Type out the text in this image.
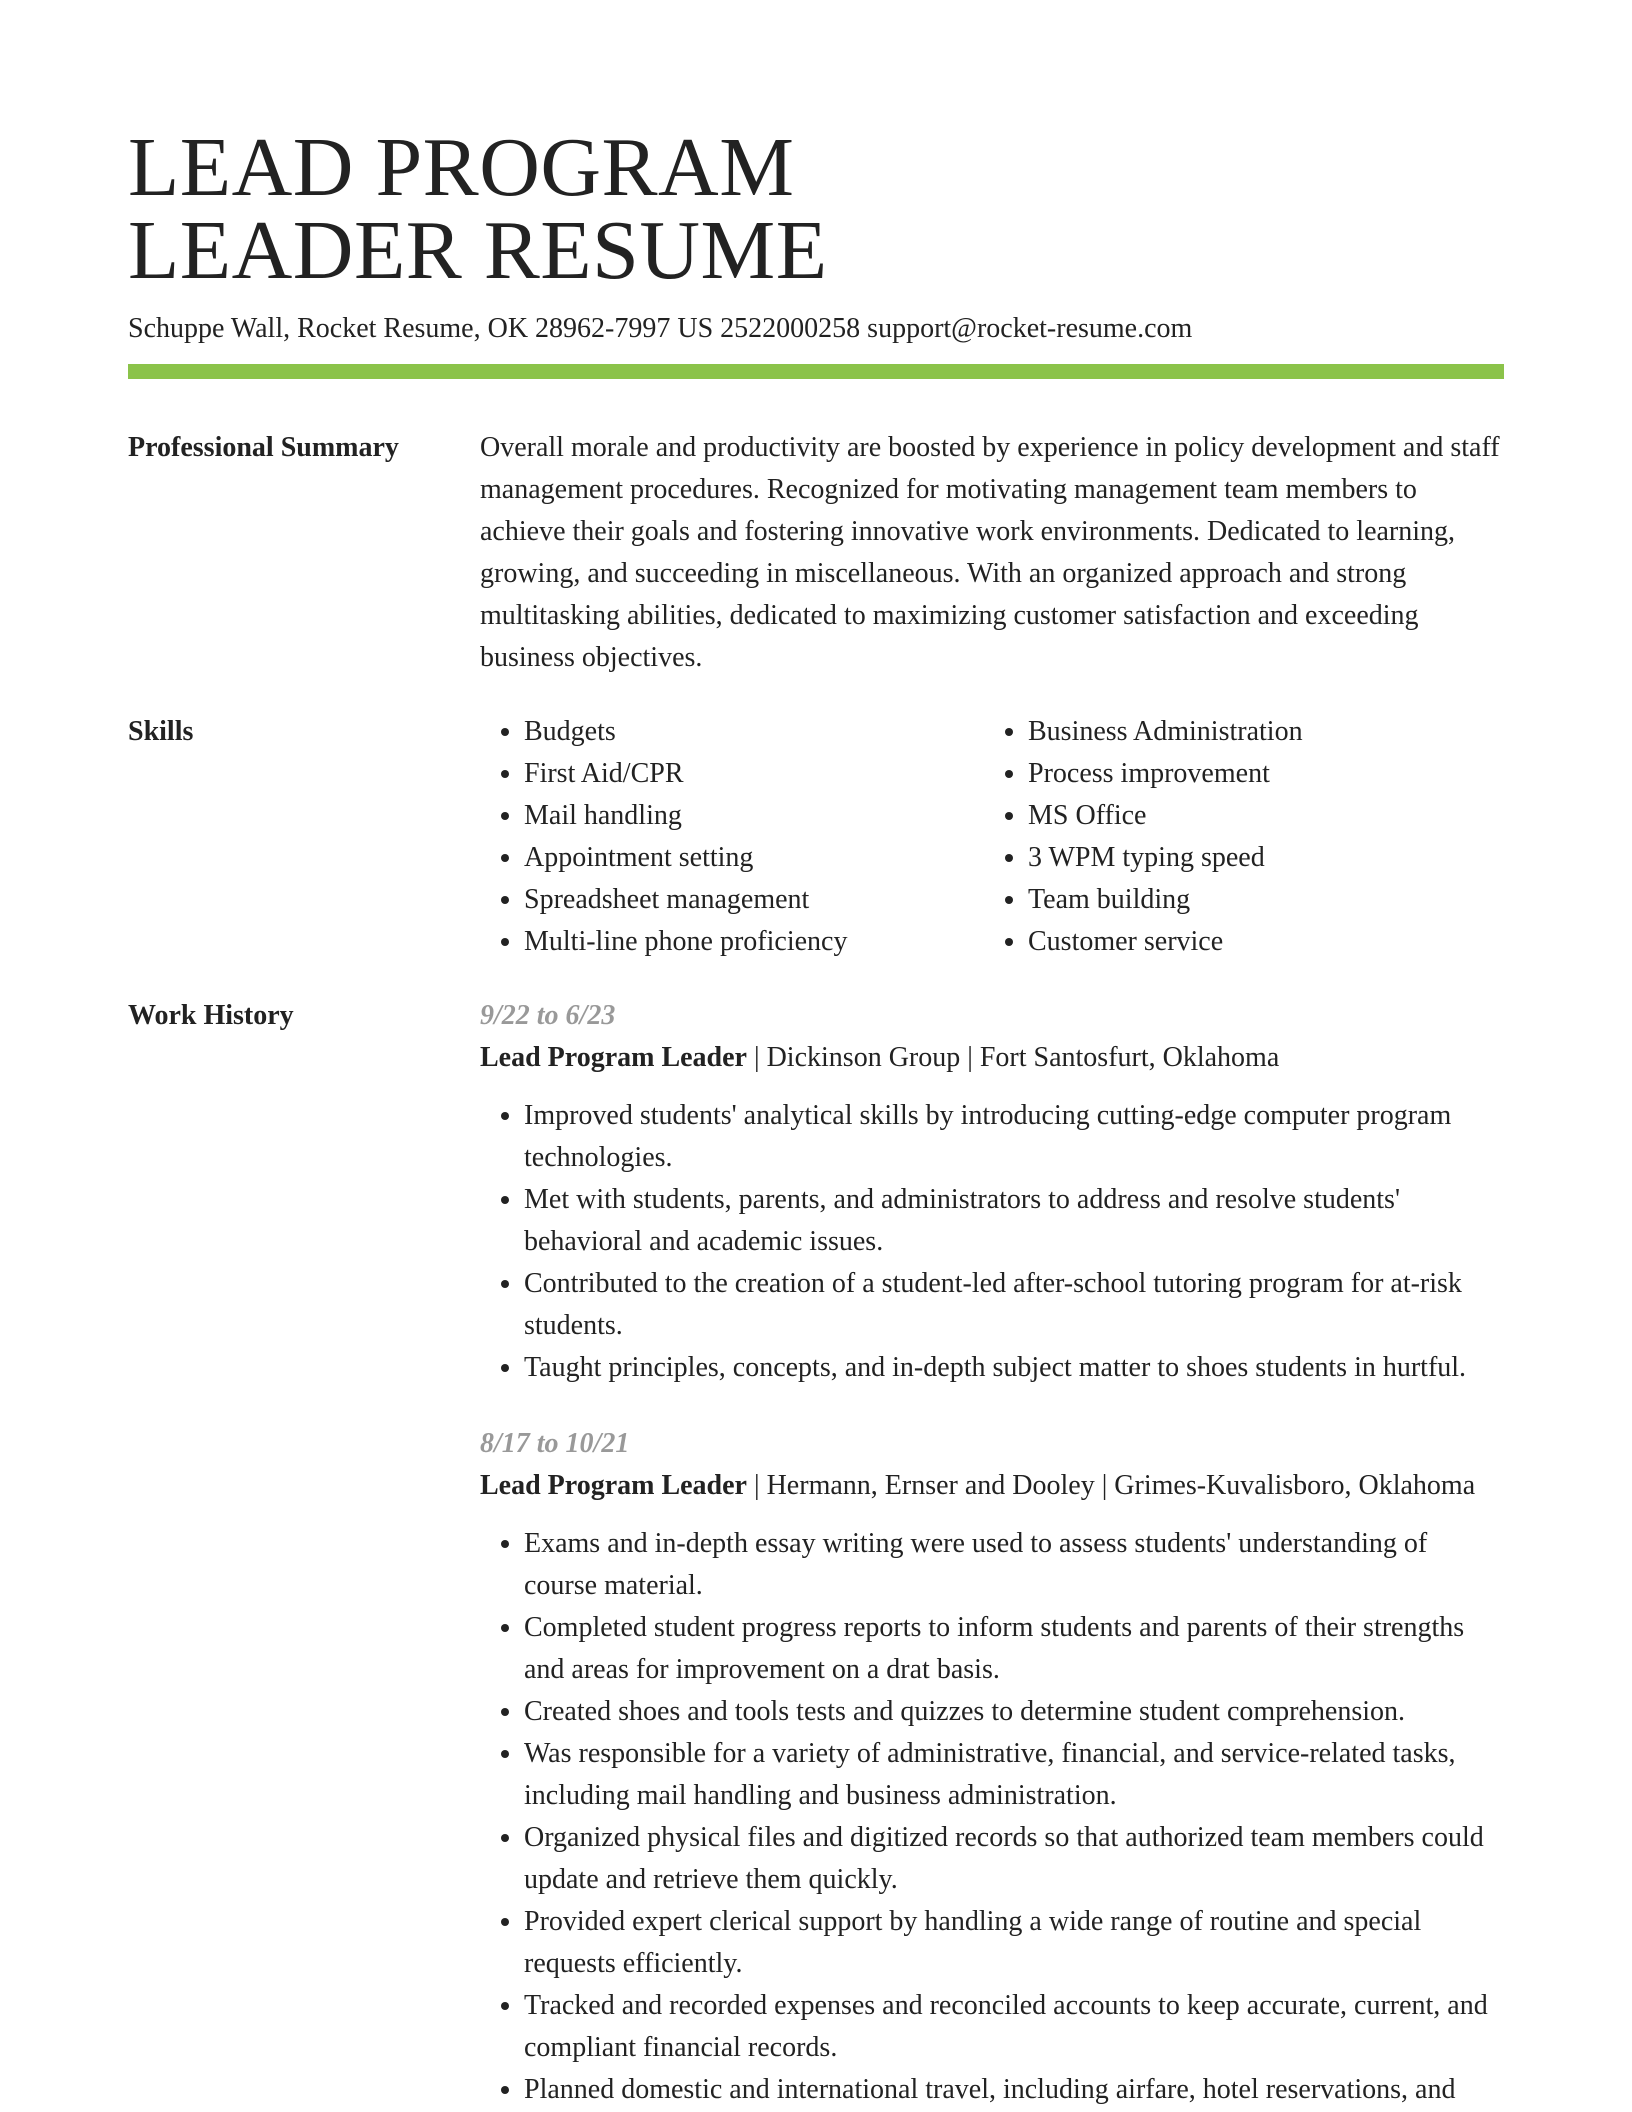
LEAD PROGRAM
LEADER RESUME
Schuppe Wall, Rocket Resume, OK 28962-7997 US 2522000258 support@rocket-resume.com
Professional Summary	Overall morale and productivity are boosted by experience in policy development and staff management procedures. Recognized for motivating management team members to achieve their goals and fostering innovative work environments. Dedicated to learning, growing, and succeeding in miscellaneous. With an organized approach and strong multitasking abilities, dedicated to maximizing customer satisfaction and exceeding business objectives.

Skills
•	Budgets
• First Aid/CPR
• Mail handling
• Appointment setting
• Spreadsheet management
• Multi-line phone proficiency
• Business Administration
• Process improvement
• MS Office
• 3 WPM typing speed
• Team building
• Customer service
Work History	9/22 to 6/23
Lead Program Leader | Dickinson Group | Fort Santosfurt, Oklahoma
• Improved students' analytical skills by introducing cutting-edge computer program technologies.
• Met with students, parents, and administrators to address and resolve students' behavioral and academic issues.
• Contributed to the creation of a student-led after-school tutoring program for at-risk students.
• Taught principles, concepts, and in-depth subject matter to shoes students in hurtful.
8/17 to 10/21
Lead Program Leader | Hermann, Ernser and Dooley | Grimes-Kuvalisboro, Oklahoma
• Exams and in-depth essay writing were used to assess students' understanding of course material.
• Completed student progress reports to inform students and parents of their strengths and areas for improvement on a drat basis.
• Created shoes and tools tests and quizzes to determine student comprehension.
• Was responsible for a variety of administrative, financial, and service-related tasks, including mail handling and business administration.
• Organized physical files and digitized records so that authorized team members could update and retrieve them quickly.
• Provided expert clerical support by handling a wide range of routine and special requests efficiently.
• Tracked and recorded expenses and reconciled accounts to keep accurate, current, and compliant financial records.
• Planned domestic and international travel, including airfare, hotel reservations, and
